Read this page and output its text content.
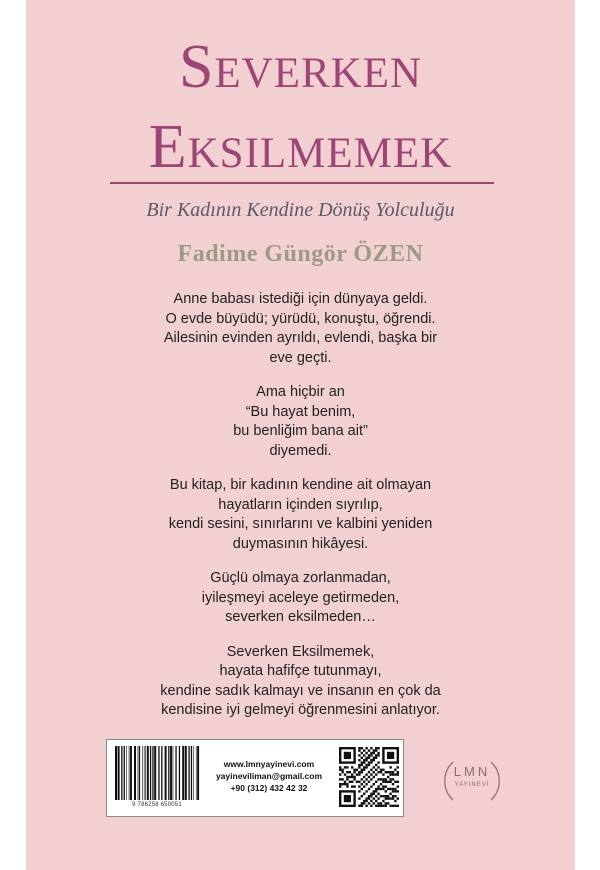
Severken
Eksilmemek
Bir Kadının Kendine Dönüş Yolculuğu
Fadime Güngör ÖZEN
Anne babası istediği için dünyaya geldi.
O evde büyüdü; yürüdü, konuştu, öğrendi.
Ailesinin evinden ayrıldı, evlendi, başka bir
eve geçti.
Ama hiçbir an
“Bu hayat benim,
bu benliğim bana ait”
diyemedi.
Bu kitap, bir kadının kendine ait olmayan
hayatların içinden sıyrılıp,
kendi sesini, sınırlarını ve kalbini yeniden
duymasının hikâyesi.
Güçlü olmaya zorlanmadan,
iyileşmeyi aceleye getirmeden,
severken eksilmeden…
Severken Eksilmemek,
hayata hafifçe tutunmayı,
kendine sadık kalmayı ve insanın en çok da
kendisine iyi gelmeyi öğrenmesini anlatıyor.
9 786258 650051
www.lmnyayinevi.com
yayineviliman@gmail.com
+90 (312) 432 42 32
LMN
YAYINEVİ
